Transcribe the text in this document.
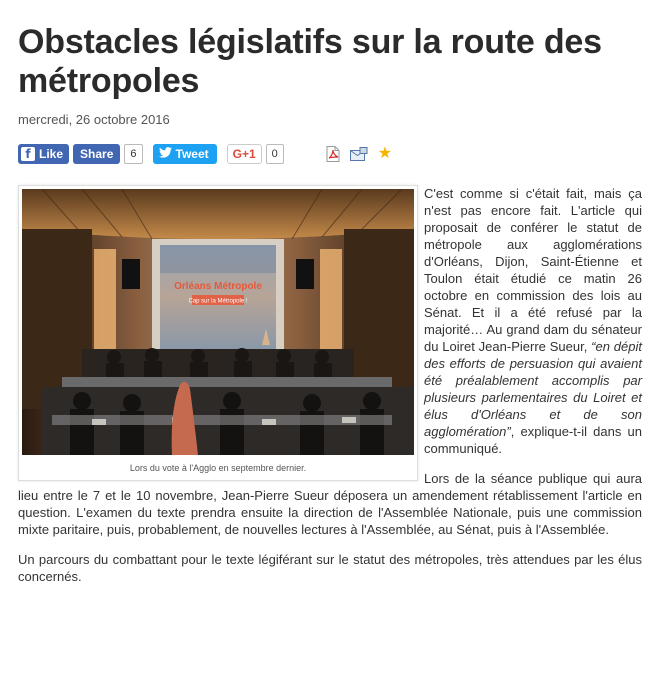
Obstacles législatifs sur la route des métropoles
mercredi, 26 octobre 2016
f Like	Share	6	Tweet	G+1	0	★
Orléans Métropole
Cap sur la Métropole !
Lors du vote à l'Agglo en septembre dernier.

C'est comme si c'était fait, mais ça n'est pas encore fait. L'article qui proposait de conférer le statut de métropole aux agglomérations d'Orléans, Dijon, Saint-Étienne et Toulon était étudié ce matin 26 octobre en commission des lois au Sénat. Et il a été refusé par la majorité… Au grand dam du sénateur du Loiret Jean-Pierre Sueur, “en dépit des efforts de persuasion qui avaient été préalablement accomplis par plusieurs parlementaires du Loiret et élus d'Orléans et de son agglomération”, explique-t-il dans un communiqué.

Lors de la séance publique qui aura lieu entre le 7 et le 10 novembre, Jean-Pierre Sueur déposera un amendement rétablissement l'article en question. L'examen du texte prendra ensuite la direction de l'Assemblée Nationale, puis une commission mixte paritaire, puis, probablement, de nouvelles lectures à l'Assemblée, au Sénat, puis à l'Assemblée.

Un parcours du combattant pour le texte légiférant sur le statut des métropoles, très attendues par les élus concernés.
